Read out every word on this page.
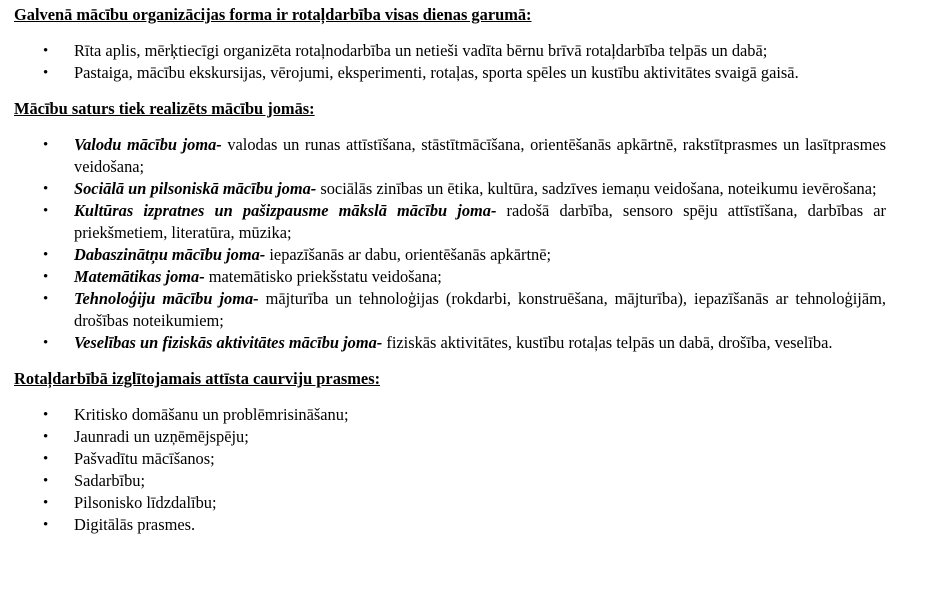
Galvenā mācību organizācijas forma ir rotaļdarbība visas dienas garumā:

• Rīta aplis, mērķtiecīgi organizēta rotaļnodarbība un netieši vadīta bērnu brīvā rotaļdarbība telpās un dabā;
• Pastaiga, mācību ekskursijas, vērojumi, eksperimenti, rotaļas, sporta spēles un kustību aktivitātes svaigā gaisā.

Mācību saturs tiek realizēts mācību jomās:

• Valodu mācību joma- valodas un runas attīstīšana, stāstītmācīšana, orientēšanās apkārtnē, rakstītprasmes un lasītprasmes veidošana;
• Sociālā un pilsoniskā mācību joma- sociālās zinības un ētika, kultūra, sadzīves iemaņu veidošana, noteikumu ievērošana;
• Kultūras izpratnes un pašizpausme mākslā mācību joma- radošā darbība, sensoro spēju attīstīšana, darbības ar priekšmetiem, literatūra, mūzika;
• Dabaszinātņu mācību joma- iepazīšanās ar dabu, orientēšanās apkārtnē;
• Matemātikas joma- matemātisko priekšstatu veidošana;
• Tehnoloģiju mācību joma- mājturība un tehnoloģijas (rokdarbi, konstruēšana, mājturība), iepazīšanās ar tehnoloģijām, drošības noteikumiem;
• Veselības un fiziskās aktivitātes mācību joma- fiziskās aktivitātes, kustību rotaļas telpās un dabā, drošība, veselība.

Rotaļdarbībā izglītojamais attīsta caurviju prasmes:

• Kritisko domāšanu un problēmrisināšanu;
• Jaunradi un uzņēmējspēju;
• Pašvadītu mācīšanos;
• Sadarbību;
• Pilsonisko līdzdalību;
• Digitālās prasmes.
